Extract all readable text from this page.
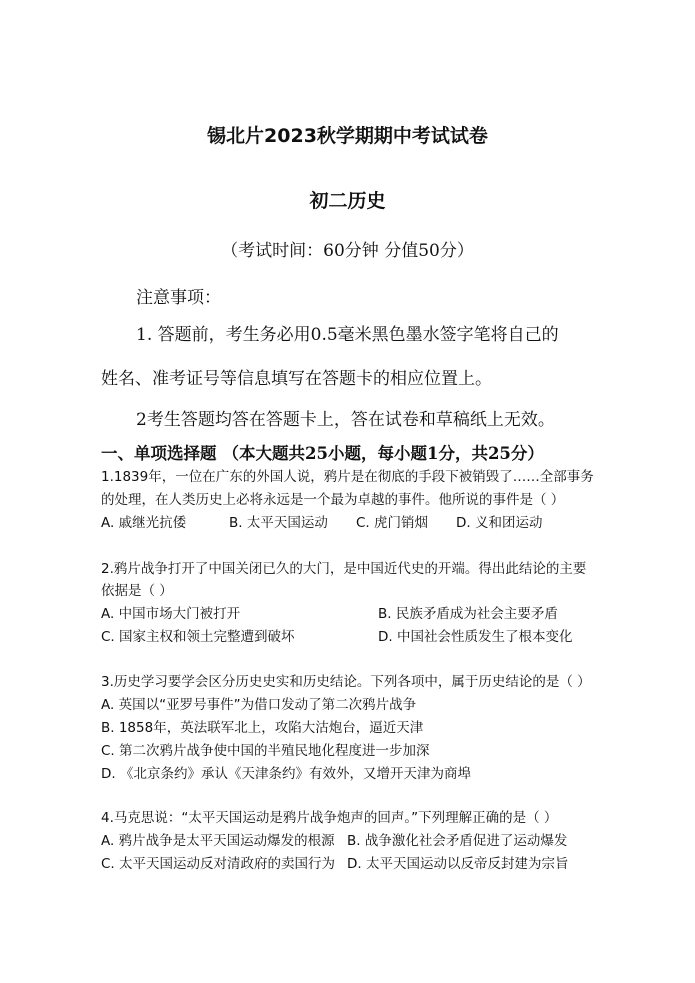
锡北片2023秋学期期中考试试卷
初二历史
（考试时间：60分钟 分值50分）
注意事项：
1. 答题前，考生务必用0.5毫米黑色墨水签字笔将自己的
姓名、准考证号等信息填写在答题卡的相应位置上。
2考生答题均答在答题卡上，答在试卷和草稿纸上无效。
一、单项选择题 （本大题共25小题，每小题1分，共25分）
1.1839年，一位在广东的外国人说，鸦片是在彻底的手段下被销毁了……全部事务
的处理，在人类历史上必将永远是一个最为卓越的事件。他所说的事件是（ ）
A. 戚继光抗倭	B. 太平天国运动 C. 虎门销烟 D. 义和团运动
2.鸦片战争打开了中国关闭已久的大门，是中国近代史的开端。得出此结论的主要
依据是（ ）
A. 中国市场大门被打开	B. 民族矛盾成为社会主要矛盾
C. 国家主权和领土完整遭到破坏	D. 中国社会性质发生了根本变化
3.历史学习要学会区分历史史实和历史结论。下列各项中，属于历史结论的是（ ）
A. 英国以“亚罗号事件”为借口发动了第二次鸦片战争
B. 1858年，英法联军北上，攻陷大沽炮台，逼近天津
C. 第二次鸦片战争使中国的半殖民地化程度进一步加深
D. 《北京条约》承认《天津条约》有效外，又增开天津为商埠
4.马克思说：“太平天国运动是鸦片战争炮声的回声。”下列理解正确的是（ ）
A. 鸦片战争是太平天国运动爆发的根源 B. 战争激化社会矛盾促进了运动爆发
C. 太平天国运动反对清政府的卖国行为 D. 太平天国运动以反帝反封建为宗旨
